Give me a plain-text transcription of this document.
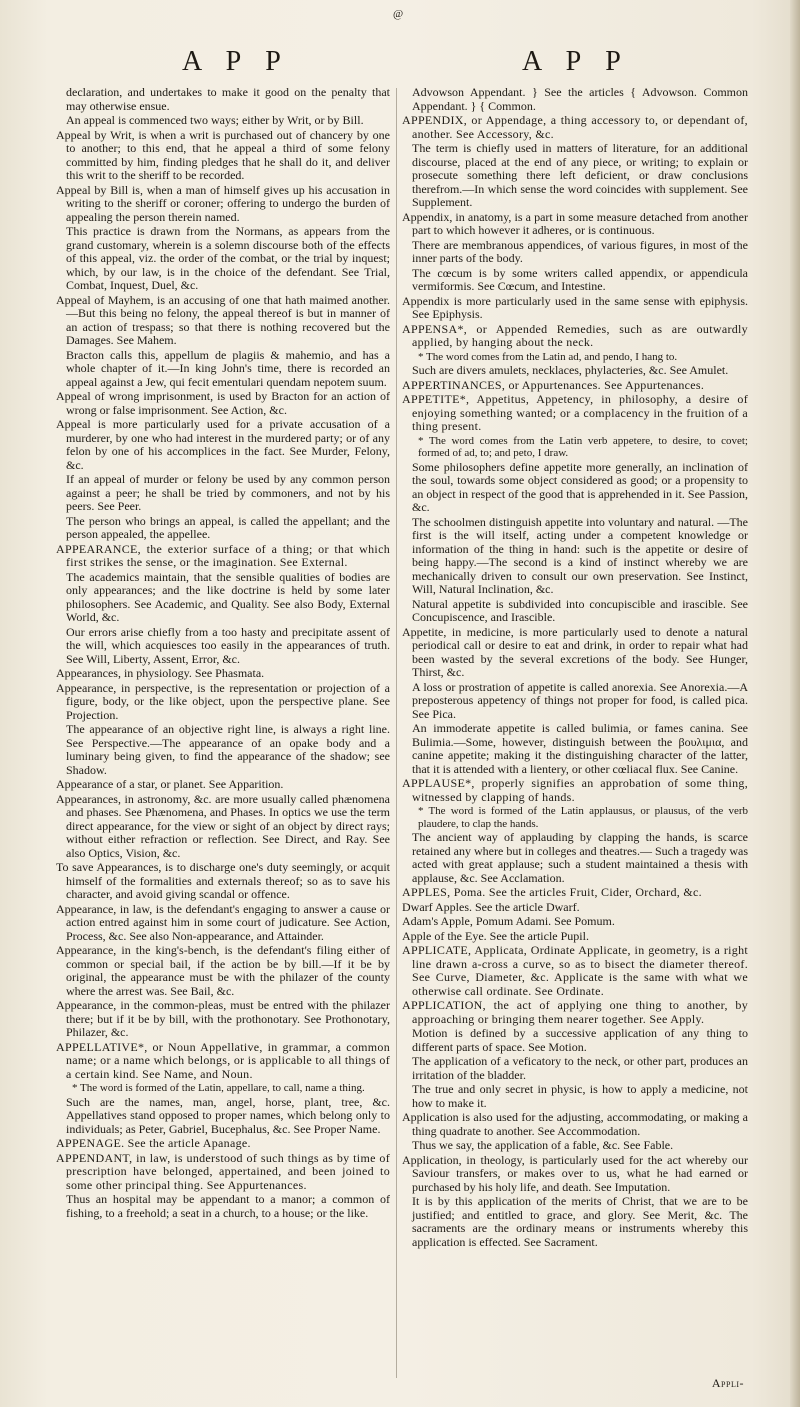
@
A P P	A P P

declaration, and undertakes to make it good on the penalty that may otherwise ensue.

An appeal is commenced two ways; either by Writ, or by Bill.

Appeal by Writ, is when a writ is purchased out of chancery by one to another; to this end, that he appeal a third of some felony committed by him, finding pledges that he shall do it, and deliver this writ to the sheriff to be recorded.

Appeal by Bill is, when a man of himself gives up his accusation in writing to the sheriff or coroner; offering to undergo the burden of appealing the person therein named.

This practice is drawn from the Normans, as appears from the grand customary, wherein is a solemn discourse both of the effects of this appeal, viz. the order of the combat, or the trial by inquest; which, by our law, is in the choice of the defendant. See Trial, Combat, Inquest, Duel, &c.

Appeal of Mayhem, is an accusing of one that hath maimed another.—But this being no felony, the appeal thereof is but in manner of an action of trespass; so that there is nothing recovered but the Damages. See Mahem.

Bracton calls this, appellum de plagiis & mahemio, and has a whole chapter of it.—In king John's time, there is recorded an appeal against a Jew, qui fecit ementulari quendam nepotem suum.

Appeal of wrong imprisonment, is used by Bracton for an action of wrong or false imprisonment. See Action, &c.

Appeal is more particularly used for a private accusation of a murderer, by one who had interest in the murdered party; or of any felon by one of his accomplices in the fact. See Murder, Felony, &c.

If an appeal of murder or felony be used by any common person against a peer; he shall be tried by commoners, and not by his peers. See Peer.

The person who brings an appeal, is called the appellant; and the person appealed, the appellee.

APPEARANCE, the exterior surface of a thing; or that which first strikes the sense, or the imagination. See External.

The academics maintain, that the sensible qualities of bodies are only appearances; and the like doctrine is held by some later philosophers. See Academic, and Quality. See also Body, External World, &c.

Our errors arise chiefly from a too hasty and precipitate assent of the will, which acquiesces too easily in the appearances of truth. See Will, Liberty, Assent, Error, &c.

Appearances, in physiology. See Phasmata.

Appearance, in perspective, is the representation or projection of a figure, body, or the like object, upon the perspective plane. See Projection.

The appearance of an objective right line, is always a right line. See Perspective.—The appearance of an opake body and a luminary being given, to find the appearance of the shadow; see Shadow.

Appearance of a star, or planet. See Apparition.

Appearances, in astronomy, &c. are more usually called phænomena and phases. See Phænomena, and Phases. In optics we use the term direct appearance, for the view or sight of an object by direct rays; without either refraction or reflection. See Direct, and Ray. See also Optics, Vision, &c.

To save Appearances, is to discharge one's duty seemingly, or acquit himself of the formalities and externals thereof; so as to save his character, and avoid giving scandal or offence.

Appearance, in law, is the defendant's engaging to answer a cause or action entred against him in some court of judicature. See Action, Process, &c. See also Non-appearance, and Attainder.

Appearance, in the king's-bench, is the defendant's filing either of common or special bail, if the action be by bill.—If it be by original, the appearance must be with the philazer of the county where the arrest was. See Bail, &c.

Appearance, in the common-pleas, must be entred with the philazer there; but if it be by bill, with the prothonotary. See Prothonotary, Philazer, &c.

APPELLATIVE*, or Noun Appellative, in grammar, a common name; or a name which belongs, or is applicable to all things of a certain kind. See Name, and Noun.

* The word is formed of the Latin, appellare, to call, name a thing.

Such are the names, man, angel, horse, plant, tree, &c. Appellatives stand opposed to proper names, which belong only to individuals; as Peter, Gabriel, Bucephalus, &c. See Proper Name.

APPENAGE. See the article Apanage.

APPENDANT, in law, is understood of such things as by time of prescription have belonged, appertained, and been joined to some other principal thing. See Appurtenances.

Thus an hospital may be appendant to a manor; a common of fishing, to a freehold; a seat in a church, to a house; or the like.

Advowson Appendant. } See the articles { Advowson. Common Appendant. } { Common.

APPENDIX, or Appendage, a thing accessory to, or dependant of, another. See Accessory, &c.

The term is chiefly used in matters of literature, for an additional discourse, placed at the end of any piece, or writing; to explain or prosecute something there left deficient, or draw conclusions therefrom.—In which sense the word coincides with supplement. See Supplement.

Appendix, in anatomy, is a part in some measure detached from another part to which however it adheres, or is continuous.

There are membranous appendices, of various figures, in most of the inner parts of the body.

The cœcum is by some writers called appendix, or appendicula vermiformis. See Cœcum, and Intestine.

Appendix is more particularly used in the same sense with epiphysis. See Epiphysis.

APPENSA*, or Appended Remedies, such as are outwardly applied, by hanging about the neck.

* The word comes from the Latin ad, and pendo, I hang to.

Such are divers amulets, necklaces, phylacteries, &c. See Amulet.

APPERTINANCES, or Appurtenances. See Appurtenances.

APPETITE*, Appetitus, Appetency, in philosophy, a desire of enjoying something wanted; or a complacency in the fruition of a thing present.

* The word comes from the Latin verb appetere, to desire, to covet; formed of ad, to; and peto, I draw.

Some philosophers define appetite more generally, an inclination of the soul, towards some object considered as good; or a propensity to an object in respect of the good that is apprehended in it. See Passion, &c.

The schoolmen distinguish appetite into voluntary and natural. —The first is the will itself, acting under a competent knowledge or information of the thing in hand: such is the appetite or desire of being happy.—The second is a kind of instinct whereby we are mechanically driven to consult our own preservation. See Instinct, Will, Natural Inclination, &c.

Natural appetite is subdivided into concupiscible and irascible. See Concupiscence, and Irascible.

Appetite, in medicine, is more particularly used to denote a natural periodical call or desire to eat and drink, in order to repair what had been wasted by the several excretions of the body. See Hunger, Thirst, &c.

A loss or prostration of appetite is called anorexia. See Anorexia.—A preposterous appetency of things not proper for food, is called pica. See Pica.

An immoderate appetite is called bulimia, or fames canina. See Bulimia.—Some, however, distinguish between the βουλιμια, and canine appetite; making it the distinguishing character of the latter, that it is attended with a lientery, or other cœliacal flux. See Canine.

APPLAUSE*, properly signifies an approbation of some thing, witnessed by clapping of hands.

* The word is formed of the Latin applausus, or plausus, of the verb plaudere, to clap the hands.

The ancient way of applauding by clapping the hands, is scarce retained any where but in colleges and theatres.— Such a tragedy was acted with great applause; such a student maintained a thesis with applause, &c. See Acclamation.

APPLES, Poma. See the articles Fruit, Cider, Orchard, &c.

Dwarf Apples. See the article Dwarf.

Adam's Apple, Pomum Adami. See Pomum.

Apple of the Eye. See the article Pupil.

APPLICATE, Applicata, Ordinate Applicate, in geometry, is a right line drawn a-cross a curve, so as to bisect the diameter thereof. See Curve, Diameter, &c. Applicate is the same with what we otherwise call ordinate. See Ordinate.

APPLICATION, the act of applying one thing to another, by approaching or bringing them nearer together. See Apply.

Motion is defined by a successive application of any thing to different parts of space. See Motion.

The application of a veficatory to the neck, or other part, produces an irritation of the bladder.

The true and only secret in physic, is how to apply a medicine, not how to make it.

Application is also used for the adjusting, accommodating, or making a thing quadrate to another. See Accommodation.

Thus we say, the application of a fable, &c. See Fable.

Application, in theology, is particularly used for the act whereby our Saviour transfers, or makes over to us, what he had earned or purchased by his holy life, and death. See Imputation.

It is by this application of the merits of Christ, that we are to be justified; and entitled to grace, and glory. See Merit, &c. The sacraments are the ordinary means or instruments whereby this application is effected. See Sacrament.

Appli-
